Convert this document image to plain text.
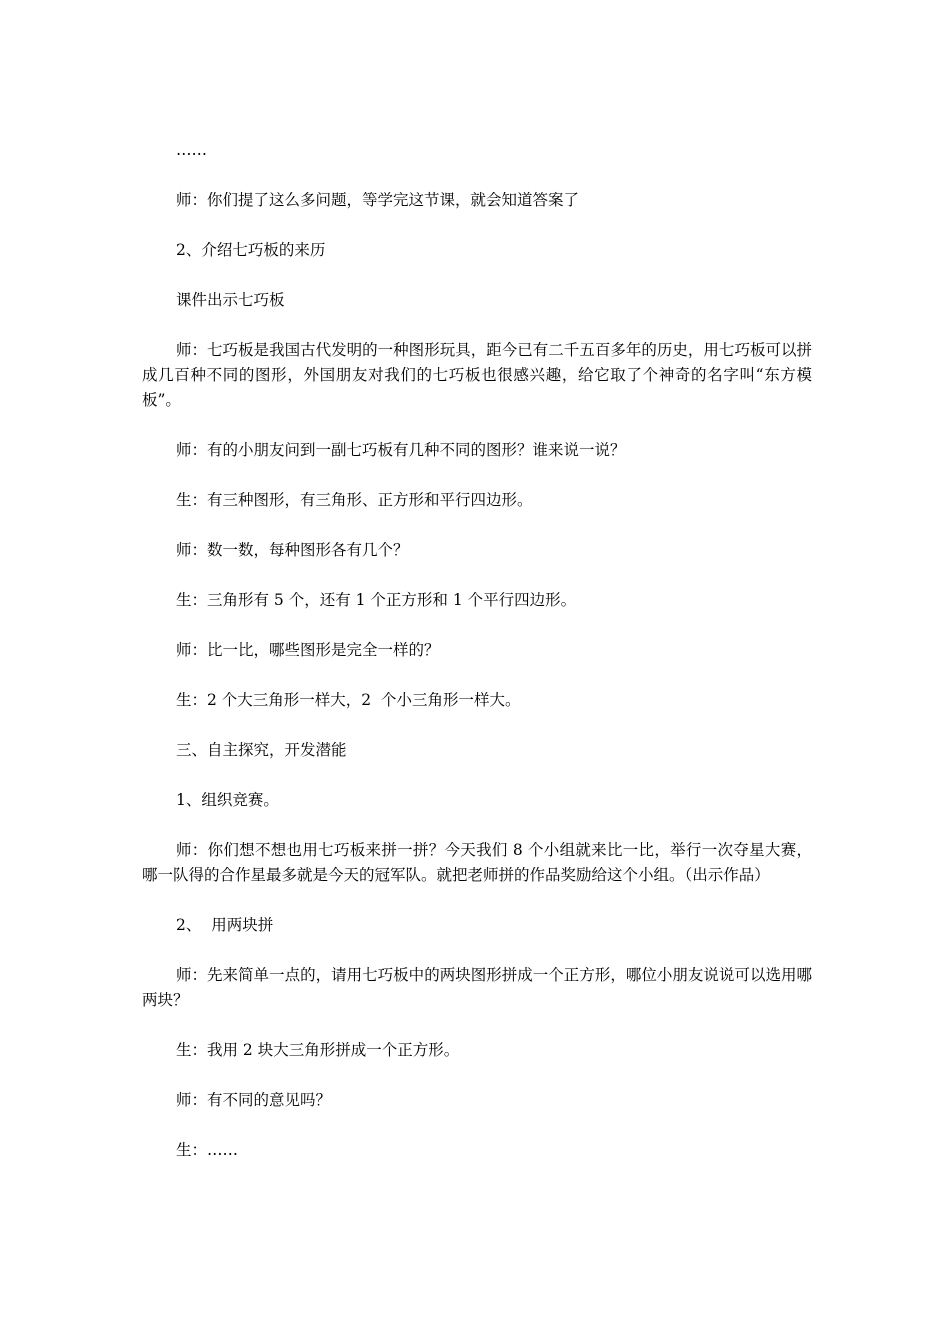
……

师：你们提了这么多问题，等学完这节课，就会知道答案了

2、介绍七巧板的来历

课件出示七巧板

师：七巧板是我国古代发明的一种图形玩具，距今已有二千五百多年的历史，用七巧板可以拼成几百种不同的图形，外国朋友对我们的七巧板也很感兴趣，给它取了个神奇的名字叫“东方模板”。

师：有的小朋友问到一副七巧板有几种不同的图形？谁来说一说？

生：有三种图形，有三角形、正方形和平行四边形。

师：数一数，每种图形各有几个？

生：三角形有 5 个，还有 1 个正方形和 1 个平行四边形。

师：比一比，哪些图形是完全一样的？

生：2 个大三角形一样大，2  个小三角形一样大。

三、自主探究，开发潜能

1、组织竞赛。

师：你们想不想也用七巧板来拼一拼？今天我们 8 个小组就来比一比，举行一次夺星大赛，哪一队得的合作星最多就是今天的冠军队。就把老师拼的作品奖励给这个小组。（出示作品）

2、  用两块拼

师：先来简单一点的，请用七巧板中的两块图形拼成一个正方形，哪位小朋友说说可以选用哪两块？

生：我用 2 块大三角形拼成一个正方形。

师：有不同的意见吗？

生：……
